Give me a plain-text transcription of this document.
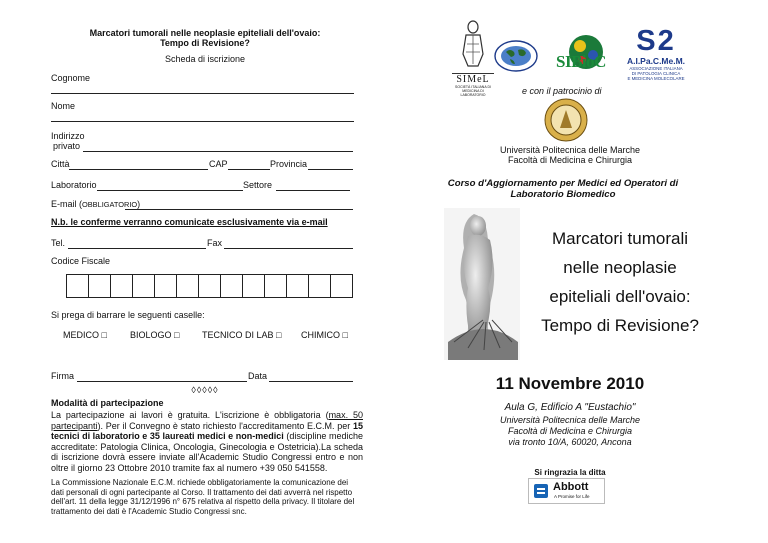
Marcatori tumorali nelle neoplasie epiteliali dell'ovaio:
Tempo di Revisione?
Scheda di iscrizione
Cognome
Nome
Indirizzo
privato
Città	CAP	Provincia
Laboratorio	Settore
E-mail (OBBLIGATORIO)
N.b. le conferme verranno comunicate esclusivamente via e-mail
Tel.	Fax
Codice Fiscale
Si prega di barrare le seguenti caselle:
MEDICO □	BIOLOGO □	TECNICO DI LAB □ CHIMICO □
Firma	Data
◊◊◊◊◊
Modalità di partecipazione
La partecipazione ai lavori è gratuita. L'iscrizione è obbligatoria (max. 50 partecipanti). Per il Convegno è stato richiesto l'accreditamento E.C.M. per 15 tecnici di laboratorio e 35 laureati medici e non-medici (discipline mediche accreditate: Patologia Clinica, Oncologia, Ginecologia e Ostetricia).La scheda di iscrizione dovrà essere inviate all'Academic Studio Congressi entro e non oltre il giorno 23 Ottobre 2010 tramite fax al numero +39 050 541558.
La Commissione Nazionale E.C.M. richiede obbligatoriamente la comunicazione dei dati personali di ogni partecipante al Corso. Il trattamento dei dati avverrà nel rispetto dell'art. 11 della legge 31/12/1996 n° 675 relativa al rispetto della privacy. Il titolare del trattamento dei dati è l'Academic Studio Congressi snc.
SIMeL
SOCIETÀ ITALIANA DI MEDICINA DI LABORATORIO
SIBioC
S2
A.I.Pa.C.Me.M.
ASSOCIAZIONE ITALIANA
DI PATOLOGIA CLINICA
E MEDICINA MOLECOLARE
e con il patrocinio di
Università Politecnica delle Marche
Facoltà di Medicina e Chirurgia
Corso d'Aggiornamento per Medici ed Operatori di
Laboratorio Biomedico
Marcatori tumorali
nelle neoplasie
epiteliali dell'ovaio:
Tempo di Revisione?
11 Novembre 2010
Aula G, Edificio A "Eustachio"
Università Politecnica delle Marche
Facoltà di Medicina e Chirurgia
via tronto 10/A, 60020, Ancona
Si ringrazia la ditta
Abbott
A Promise for Life
